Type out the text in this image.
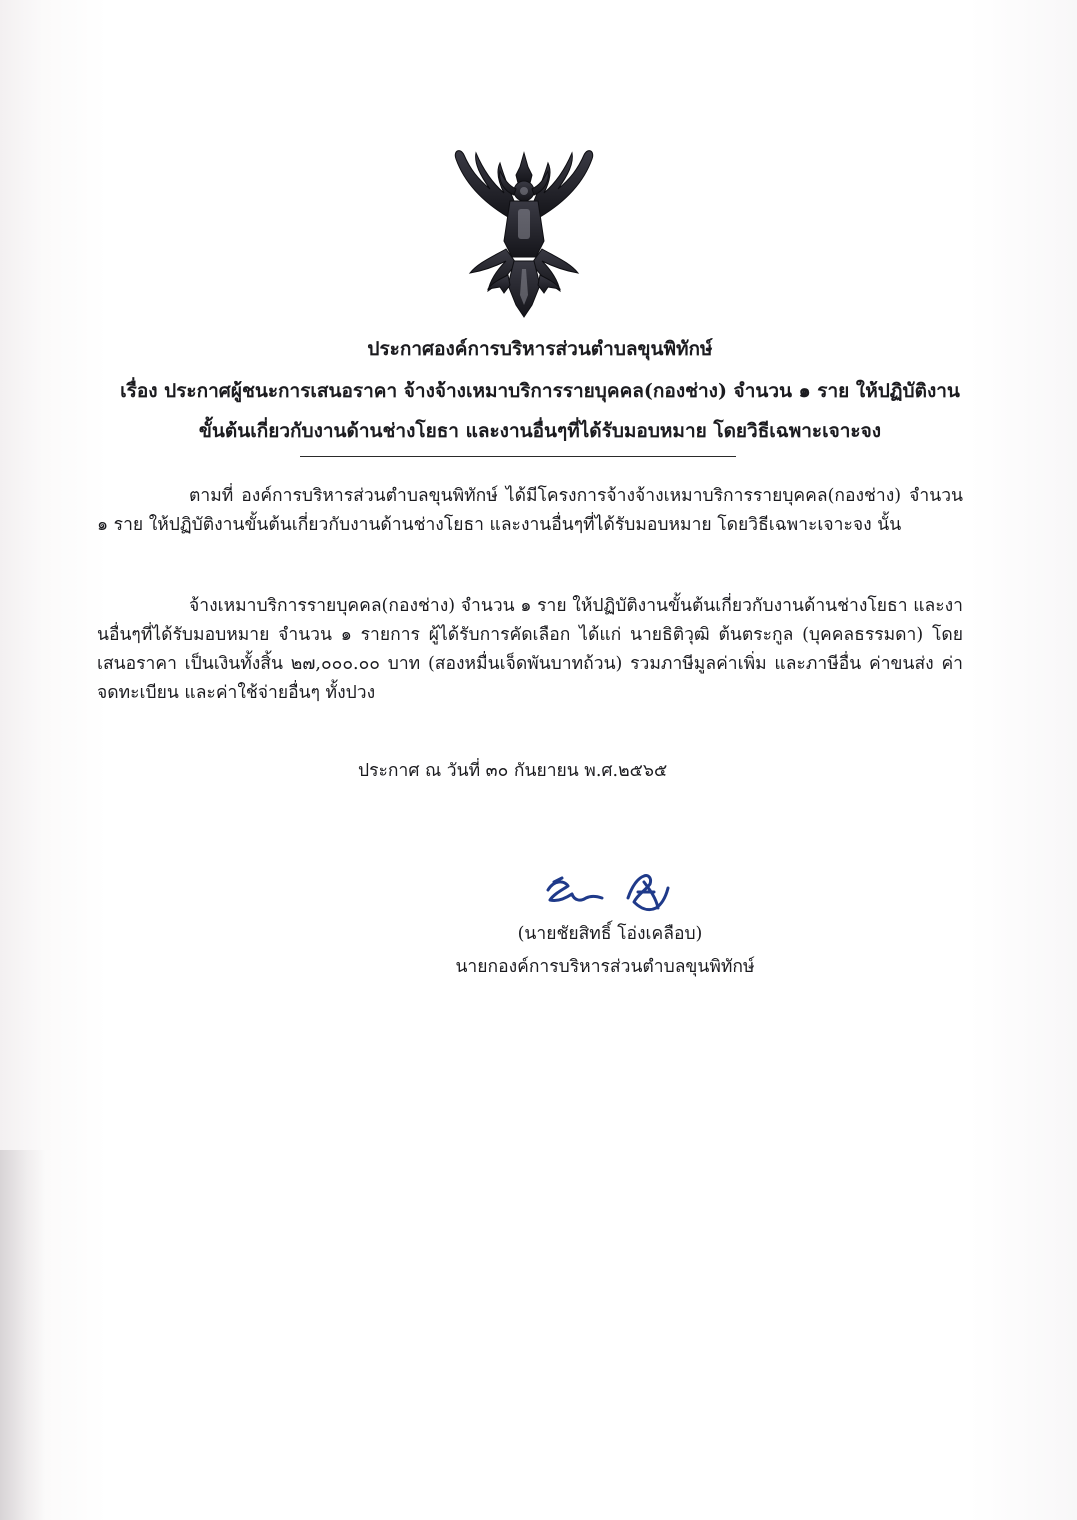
ประกาศองค์การบริหารส่วนตำบลขุนพิทักษ์
เรื่อง ประกาศผู้ชนะการเสนอราคา จ้างจ้างเหมาบริการรายบุคคล(กองช่าง) จำนวน ๑ ราย ให้ปฏิบัติงาน
ขั้นต้นเกี่ยวกับงานด้านช่างโยธา และงานอื่นๆที่ได้รับมอบหมาย โดยวิธีเฉพาะเจาะจง
ตามที่ องค์การบริหารส่วนตำบลขุนพิทักษ์ ได้มีโครงการจ้างจ้างเหมาบริการรายบุคคล(กองช่าง) จำนวน ๑ ราย ให้ปฏิบัติงานขั้นต้นเกี่ยวกับงานด้านช่างโยธา และงานอื่นๆที่ได้รับมอบหมาย โดยวิธีเฉพาะเจาะจง นั้น
จ้างเหมาบริการรายบุคคล(กองช่าง) จำนวน ๑ ราย ให้ปฏิบัติงานขั้นต้นเกี่ยวกับงานด้านช่างโยธา และงานอื่นๆที่ได้รับมอบหมาย จำนวน ๑ รายการ ผู้ได้รับการคัดเลือก ได้แก่ นายธิติวุฒิ ต้นตระกูล (บุคคลธรรมดา) โดยเสนอราคา เป็นเงินทั้งสิ้น ๒๗,๐๐๐.๐๐ บาท (สองหมื่นเจ็ดพันบาทถ้วน) รวมภาษีมูลค่าเพิ่ม และภาษีอื่น ค่าขนส่ง ค่าจดทะเบียน และค่าใช้จ่ายอื่นๆ ทั้งปวง
ประกาศ ณ วันที่ ๓๐ กันยายน พ.ศ.๒๕๖๕
(นายชัยสิทธิ์ โอ่งเคลือบ)
นายกองค์การบริหารส่วนตำบลขุนพิทักษ์
